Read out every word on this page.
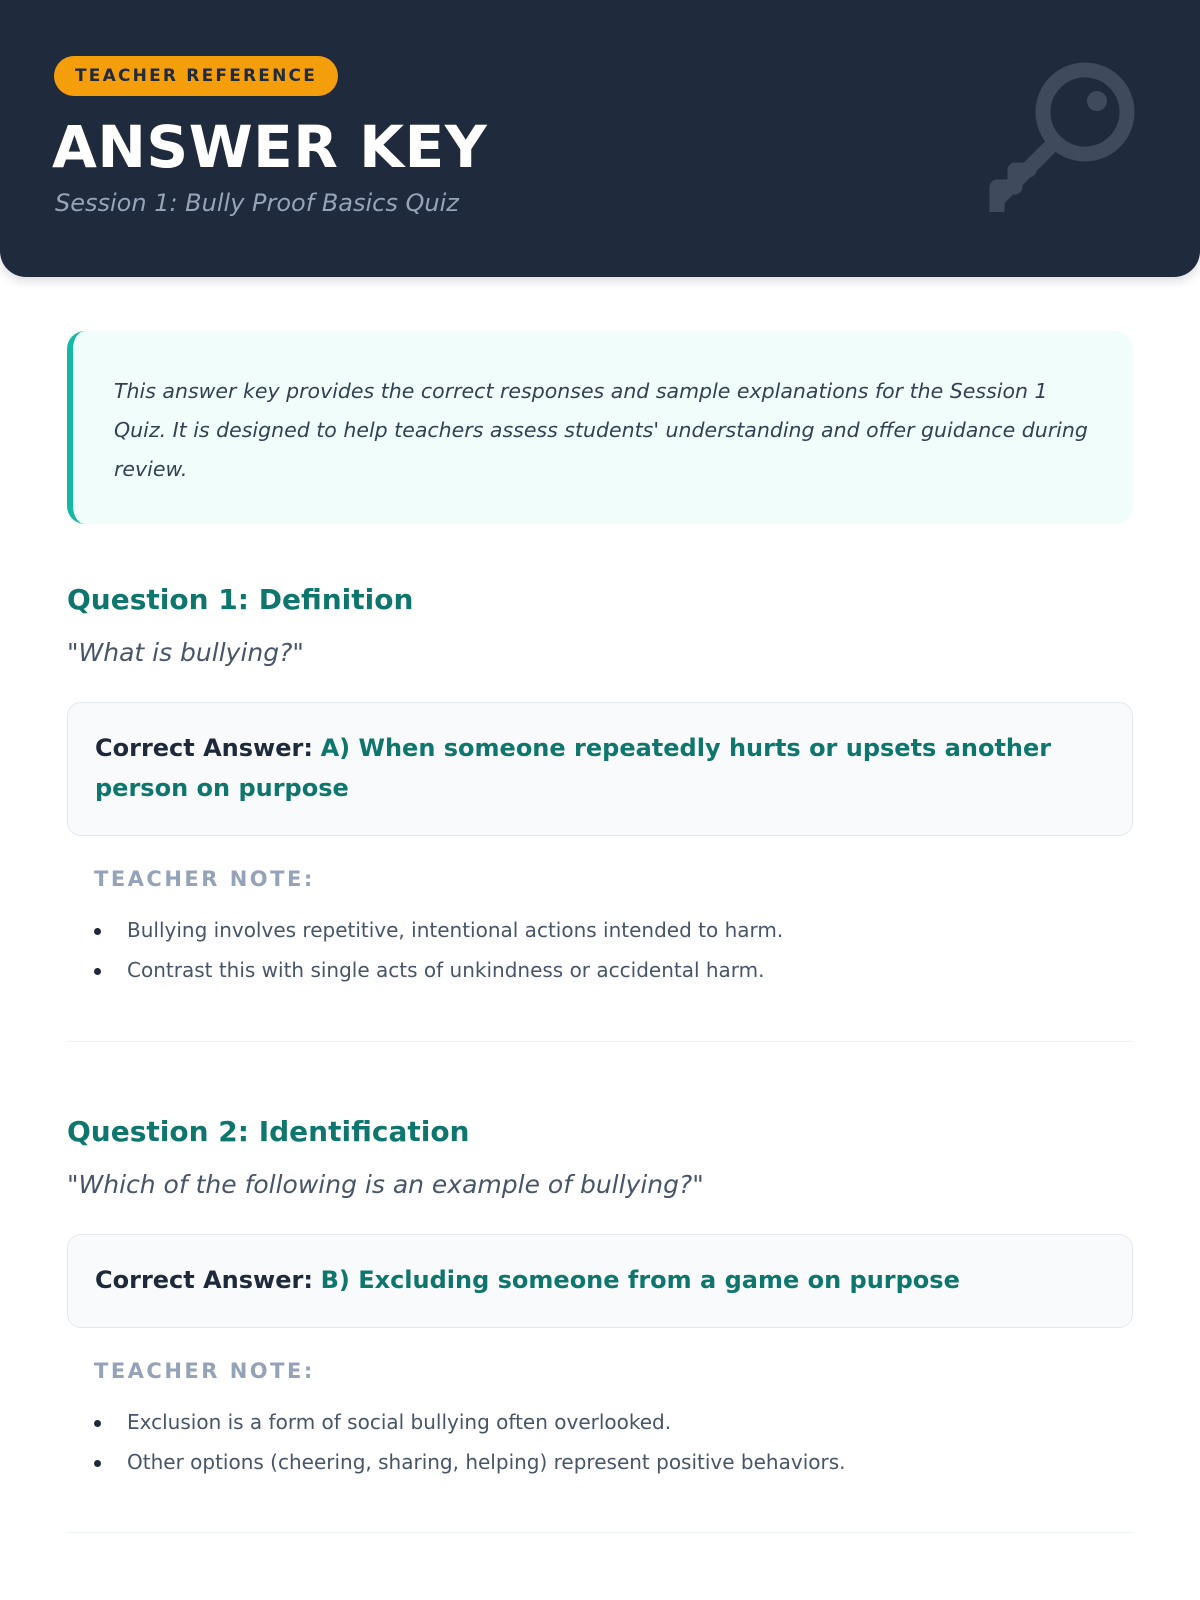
TEACHER REFERENCE
ANSWER KEY
Session 1: Bully Proof Basics Quiz

This answer key provides the correct responses and sample explanations for the Session 1 Quiz. It is designed to help teachers assess students' understanding and offer guidance during review.

Question 1: Definition
"What is bullying?"
Correct Answer: A) When someone repeatedly hurts or upsets another person on purpose
TEACHER NOTE:
Bullying involves repetitive, intentional actions intended to harm.
Contrast this with single acts of unkindness or accidental harm.
Question 2: Identification
"Which of the following is an example of bullying?"
Correct Answer: B) Excluding someone from a game on purpose
TEACHER NOTE:
Exclusion is a form of social bullying often overlooked.
Other options (cheering, sharing, helping) represent positive behaviors.
